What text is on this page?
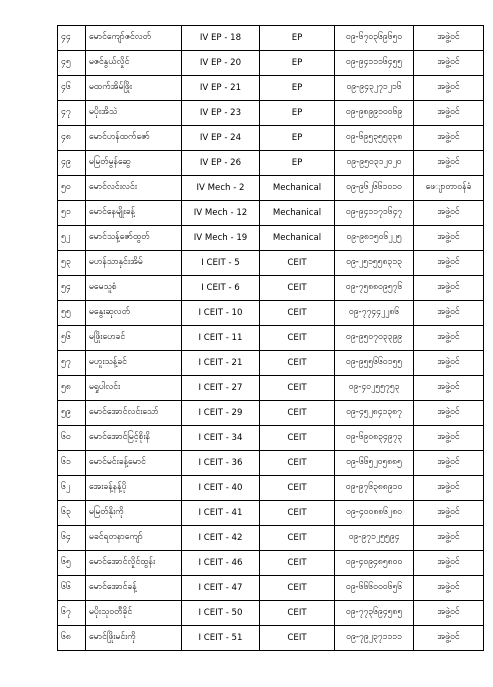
၄၄	မောင်ကျော်ဇင်လတ်	IV EP - 18	EP	၀၉-၆၇၀၃၆၉၆၅၀	အဖွဲ့ဝင်
၄၅	မဇင်နွယ်လှိုင်	IV EP - 20	EP	၀၉-၉၄၁၁၁၆၄၅၅	အဖွဲ့ဝင်
၄၆	မထက်အိမ်ဖြိုး	IV EP - 21	EP	၀၉-၉၄၃၂၇၁၂၁၆	အဖွဲ့ဝင်
၄၇	မပိုးအိသဲ	IV EP - 23	EP	၀၉-၉၈၉၉၁၀၀၆၉	အဖွဲ့ဝင်
၄၈	မောင်ဟန်ထက်ဇော်	IV EP - 24	EP	၀၉-၆၉၅၃၅၅၃၃၈	အဖွဲ့ဝင်
၄၉	မမြတ်မွန်ဆွေ	IV EP - 26	EP	၀၉-၉၅၀၃၁၂၀၂၀	အဖွဲ့ဝင်
၅၀	မောင်လင်းလင်း	IV Mech - 2	Mechanical	၀၉-၉၆၂၆၆၁၀၁၀	ဖေျာတာဝန်ခံ
၅၁	မောင်နေမျိုးခန့်	IV Mech - 12	Mechanical	၀၉-၉၄၁၁၇၁၆၄၇	အဖွဲ့ဝင်
၅၂	မောင်သန့်ဇော်ထွတ်	IV Mech - 19	Mechanical	၀၉-၉၈၁၅၀၆၂၂၅	အဖွဲ့ဝင်
၅၃	မဟန်သာနှင်းအိမ်	I CEIT - 5	CEIT	၀၉-၂၅၁၅၅၈၃၁၃	အဖွဲ့ဝင်
၅၄	မမေသူစံ	I CEIT - 6	CEIT	၀၉-၇၅၈၈၀၉၅၇၆	အဖွဲ့ဝင်
၅၅	မနွေးဆုလတ်	I CEIT - 10	CEIT	၀၉-၇၇၄၄၂၂၈၆	အဖွဲ့ဝင်
၅၆	မဖြိုးဟေခင်	I CEIT - 11	CEIT	၀၉-၉၅၀၇၀၃၃၉၉	အဖွဲ့ဝင်
၅၇	မဟူးသန့်ခင်	I CEIT - 21	CEIT	၀၉-၉၅၅၆၆၀၁၅၅	အဖွဲ့ဝင်
၅၈	မရှုပါလင်း	I CEIT - 27	CEIT	၀၉-၄၀၂၅၅၇၅၃	အဖွဲ့ဝင်
၅၉	မောင်အောင်လင်းသော်	I CEIT - 29	CEIT	၀၉-၄၅၂၈၄၁၃၈၇	အဖွဲ့ဝင်
၆၀	မောင်အောင်မြင့်စိုးနိ	I CEIT - 34	CEIT	၀၉-၆၉၀၈၃၄၉၇၃	အဖွဲ့ဝင်
၆၁	မောင်မင်းခန့်မောင်	I CEIT - 36	CEIT	၀၉-၆၆၅၂၀၅၈၈၅	အဖွဲ့ဝင်
၆၂	အေးခန့်နန့်ပို	I CEIT - 40	CEIT	၀၉-၉၇၆၃၈၈၉၁၀	အဖွဲ့ဝင်
၆၃	မမြတ်နိုးကို	I CEIT - 41	CEIT	၀၉-၄၀၀၈၈၆၂၈၀	အဖွဲ့ဝင်
၆၄	မခင်ရတနာကျော်	I CEIT - 42	CEIT	၀၉-၉၇၁၂၅၅၉၄	အဖွဲ့ဝင်
၆၅	မောင်အောင်လှိုင်ထွန်း	I CEIT - 46	CEIT	၀၉-၄၀၉၄၈၅၈၀၀	အဖွဲ့ဝင်
၆၆	မောင်အောင်ခန့်	I CEIT - 47	CEIT	၀၉-၆၆၆၀၀၀၆၅၆	အဖွဲ့ဝင်
၆၇	မပိုးသုဝတီခိုင်	I CEIT - 50	CEIT	၀၉-၇၇၃၆၉၄၅၈၅	အဖွဲ့ဝင်
၆၈	မောင်ဖြိုးမင်းကို	I CEIT - 51	CEIT	၀၉-၇၉၂၃၇၁၁၁၁	အဖွဲ့ဝင်
